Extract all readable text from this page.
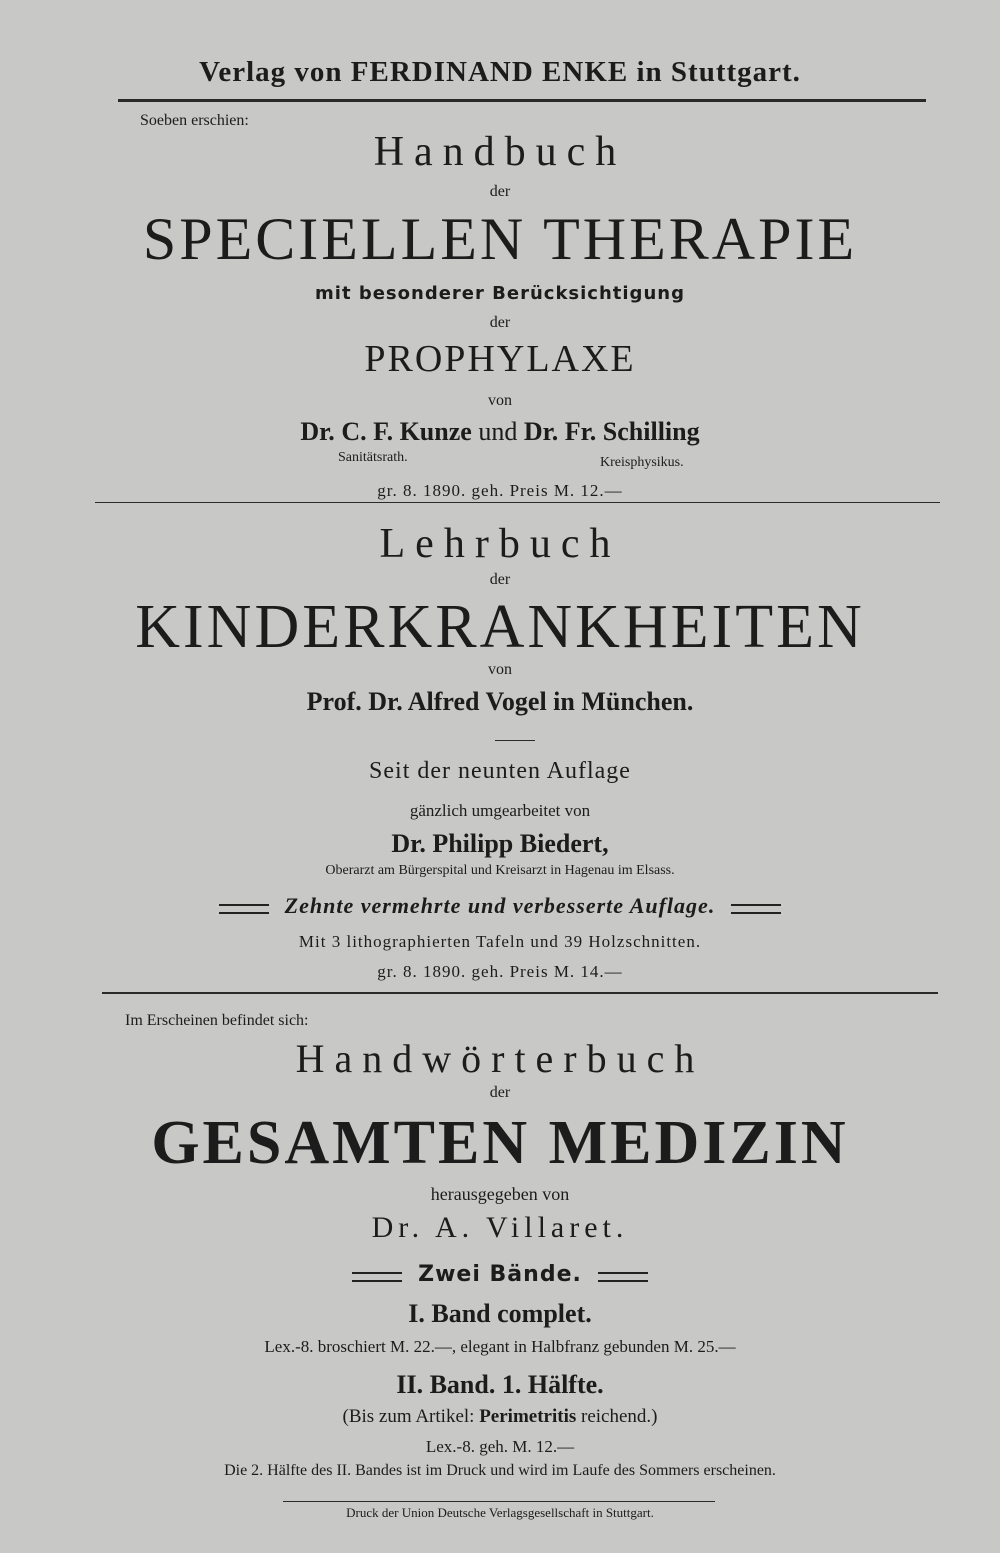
Verlag von FERDINAND ENKE in Stuttgart.
Soeben erschien:
Handbuch
der
SPECIELLEN THERAPIE
mit besonderer Berücksichtigung
der
PROPHYLAXE
von
Dr. C. F. Kunze und Dr. Fr. Schilling
Sanitätsrath.	Kreisphysikus.
gr. 8. 1890. geh. Preis M. 12.—
Lehrbuch
der
KINDERKRANKHEITEN
von
Prof. Dr. Alfred Vogel in München.
Seit der neunten Auflage
gänzlich umgearbeitet von
Dr. Philipp Biedert,
Oberarzt am Bürgerspital und Kreisarzt in Hagenau im Elsass.
Zehnte vermehrte und verbesserte Auflage.
Mit 3 lithographierten Tafeln und 39 Holzschnitten.
gr. 8. 1890. geh. Preis M. 14.—
Im Erscheinen befindet sich:
Handwörterbuch
der
GESAMTEN MEDIZIN
herausgegeben von
Dr. A. Villaret.
Zwei Bände.
I. Band complet.
Lex.-8. broschiert M. 22.—, elegant in Halbfranz gebunden M. 25.—
II. Band. 1. Hälfte.
(Bis zum Artikel: Perimetritis reichend.)
Lex.-8. geh. M. 12.—
Die 2. Hälfte des II. Bandes ist im Druck und wird im Laufe des Sommers erscheinen.
Druck der Union Deutsche Verlagsgesellschaft in Stuttgart.
